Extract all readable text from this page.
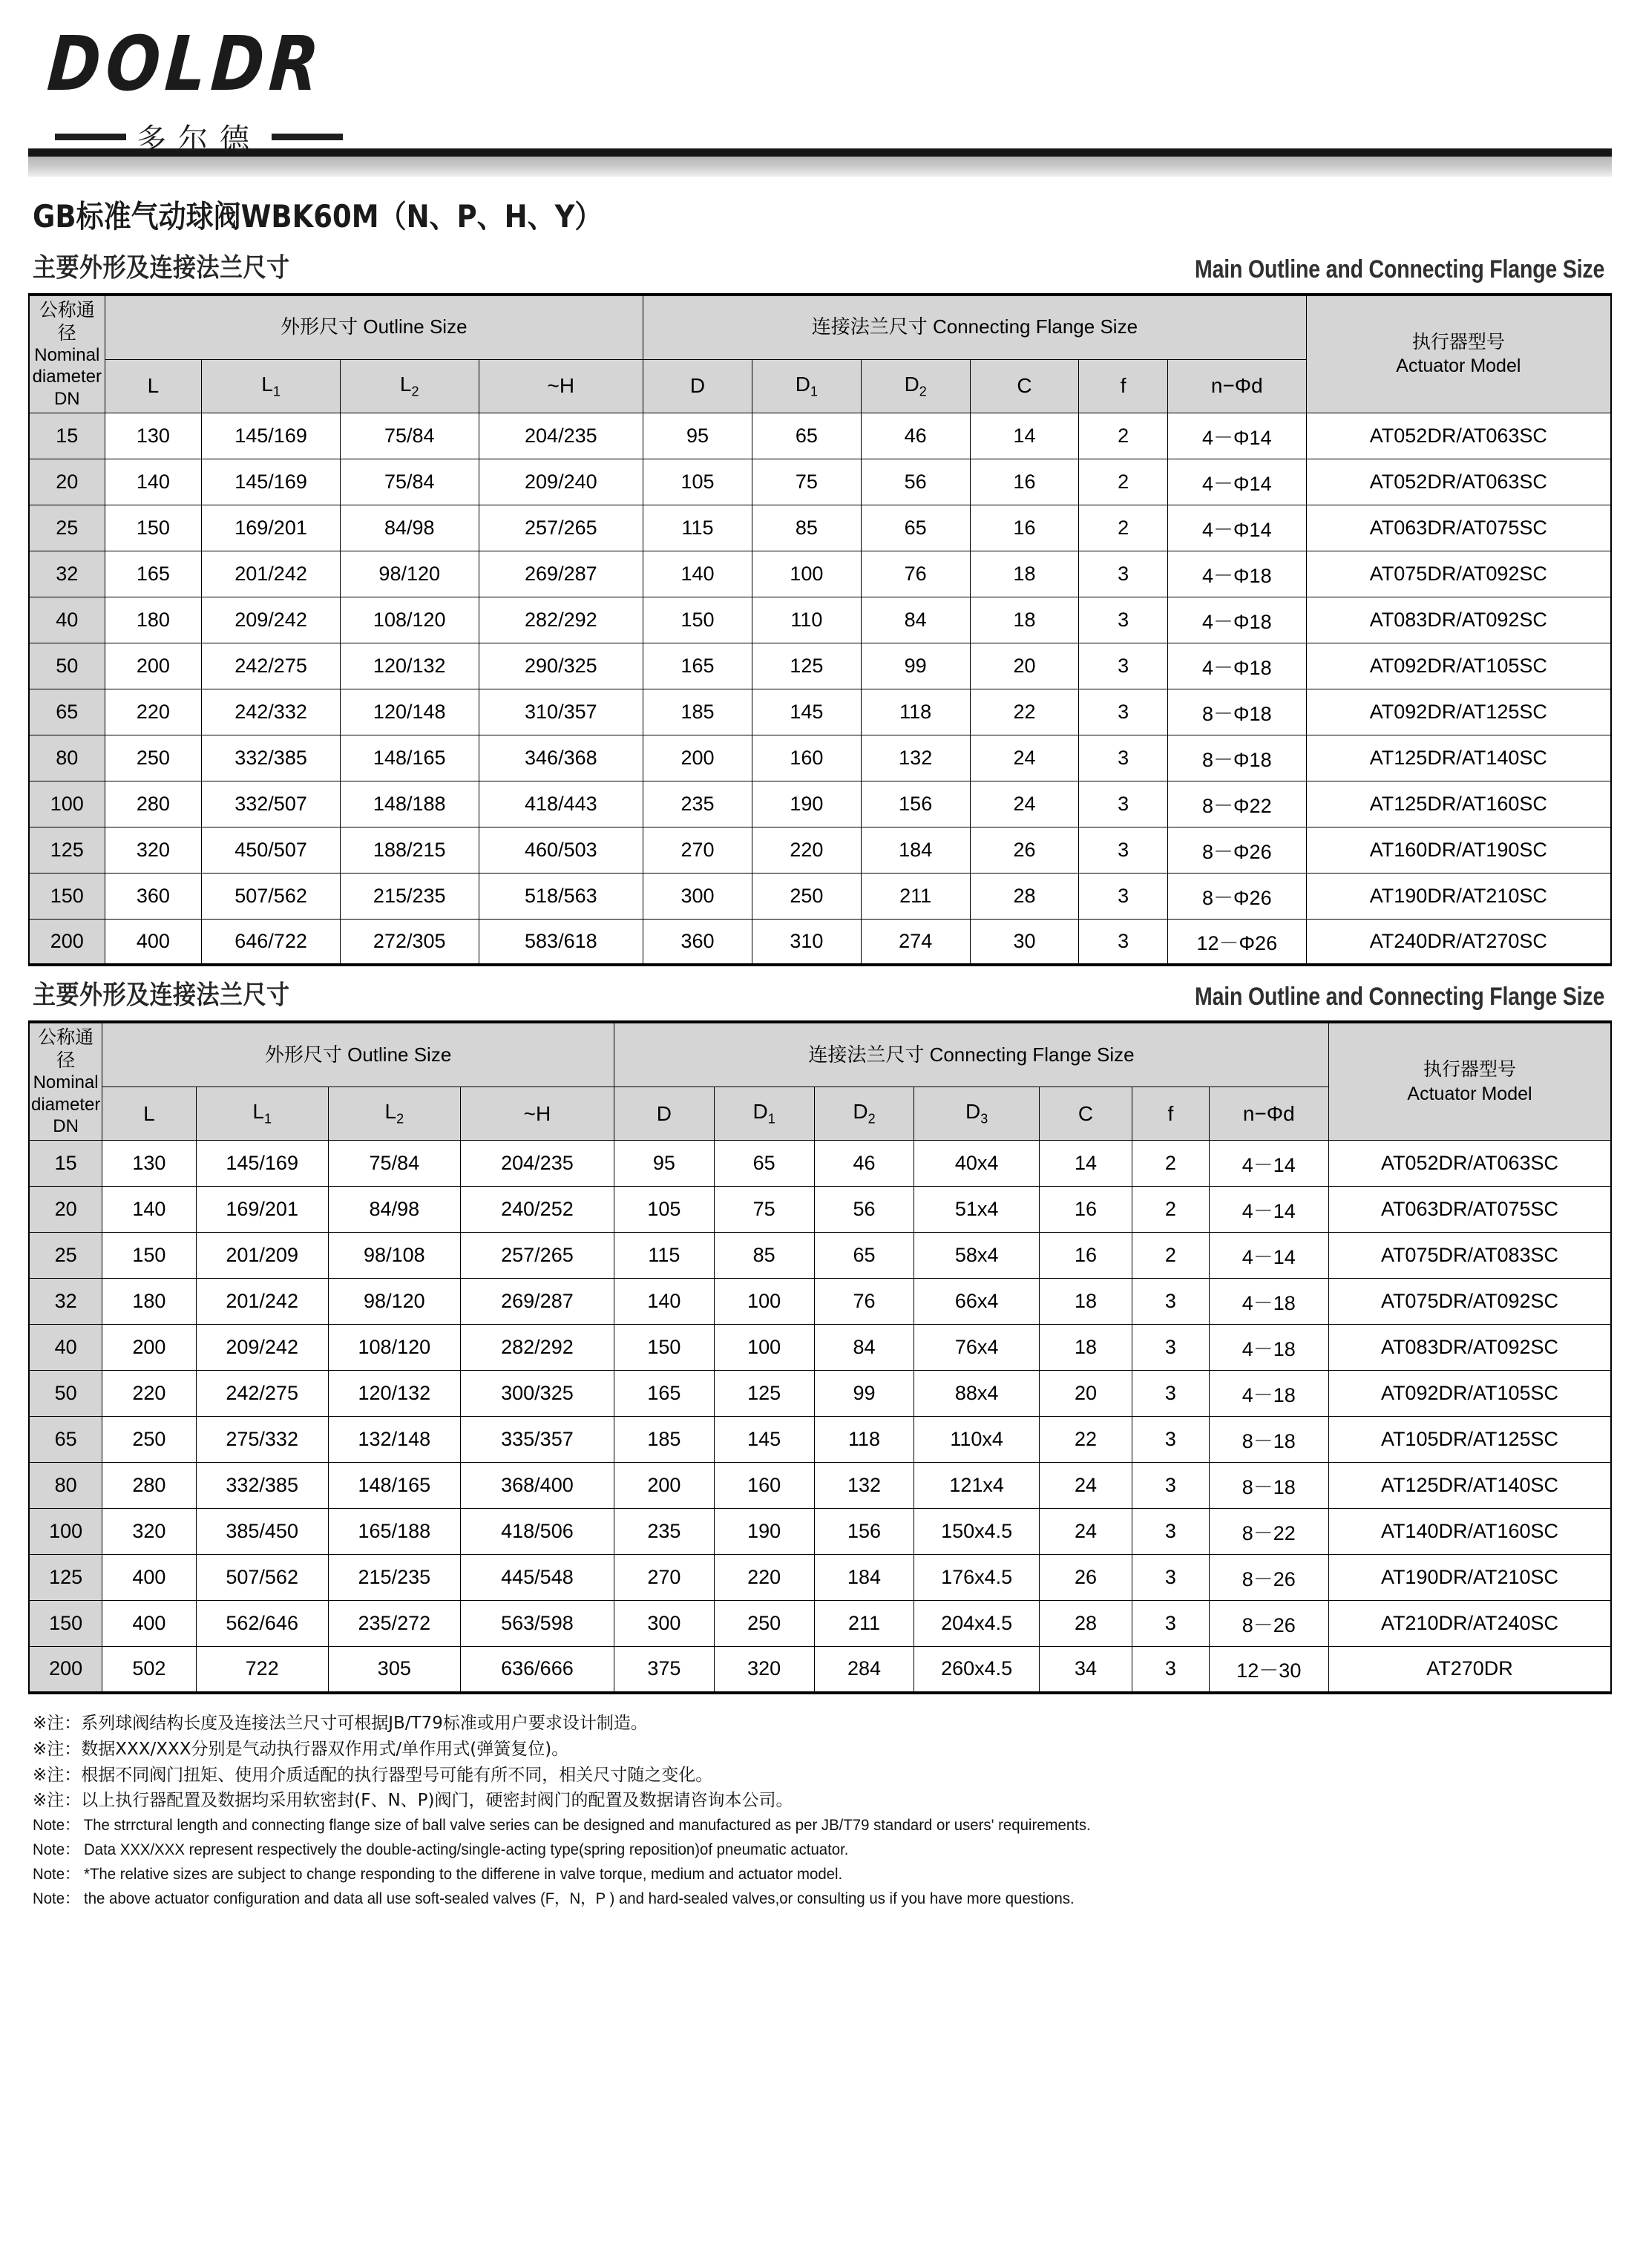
DOLDR
多尔德
GB标准气动球阀WBK60M（N、P、H、Y）
主要外形及连接法兰尺寸	Main Outline and Connecting Flange Size
公称通径
Nominal
diameter
DN
	外形尺寸 Outline Size	连接法兰尺寸 Connecting Flange Size	
执行器型号
Actuator Model

	L	$L_1$	$L_2$	~H	D	$D_1$	$D_2$	C	f	n−Φd	
15	130	145/169	75/84	204/235	95	65	46	14	2	4－Φ14	AT052DR/AT063SC
20	140	145/169	75/84	209/240	105	75	56	16	2	4－Φ14	AT052DR/AT063SC
25	150	169/201	84/98	257/265	115	85	65	16	2	4－Φ14	AT063DR/AT075SC
32	165	201/242	98/120	269/287	140	100	76	18	3	4－Φ18	AT075DR/AT092SC
40	180	209/242	108/120	282/292	150	110	84	18	3	4－Φ18	AT083DR/AT092SC
50	200	242/275	120/132	290/325	165	125	99	20	3	4－Φ18	AT092DR/AT105SC
65	220	242/332	120/148	310/357	185	145	118	22	3	8－Φ18	AT092DR/AT125SC
80	250	332/385	148/165	346/368	200	160	132	24	3	8－Φ18	AT125DR/AT140SC
100	280	332/507	148/188	418/443	235	190	156	24	3	8－Φ22	AT125DR/AT160SC
125	320	450/507	188/215	460/503	270	220	184	26	3	8－Φ26	AT160DR/AT190SC
150	360	507/562	215/235	518/563	300	250	211	28	3	8－Φ26	AT190DR/AT210SC
200	400	646/722	272/305	583/618	360	310	274	30	3	12－Φ26	AT240DR/AT270SC
主要外形及连接法兰尺寸	Main Outline and Connecting Flange Size
公称通径
Nominal
diameter
DN
	外形尺寸 Outline Size	连接法兰尺寸 Connecting Flange Size	
执行器型号
Actuator Model

	L	$L_1$	$L_2$	~H	D	$D_1$	$D_2$	$D_3$	C	f	n−Φd	
15	130	145/169	75/84	204/235	95	65	46	40x4	14	2	4－14	AT052DR/AT063SC
20	140	169/201	84/98	240/252	105	75	56	51x4	16	2	4－14	AT063DR/AT075SC
25	150	201/209	98/108	257/265	115	85	65	58x4	16	2	4－14	AT075DR/AT083SC
32	180	201/242	98/120	269/287	140	100	76	66x4	18	3	4－18	AT075DR/AT092SC
40	200	209/242	108/120	282/292	150	100	84	76x4	18	3	4－18	AT083DR/AT092SC
50	220	242/275	120/132	300/325	165	125	99	88x4	20	3	4－18	AT092DR/AT105SC
65	250	275/332	132/148	335/357	185	145	118	110x4	22	3	8－18	AT105DR/AT125SC
80	280	332/385	148/165	368/400	200	160	132	121x4	24	3	8－18	AT125DR/AT140SC
100	320	385/450	165/188	418/506	235	190	156	150x4.5	24	3	8－22	AT140DR/AT160SC
125	400	507/562	215/235	445/548	270	220	184	176x4.5	26	3	8－26	AT190DR/AT210SC
150	400	562/646	235/272	563/598	300	250	211	204x4.5	28	3	8－26	AT210DR/AT240SC
200	502	722	305	636/666	375	320	284	260x4.5	34	3	12－30	AT270DR
※注：系列球阀结构长度及连接法兰尺寸可根据JB/T79标准或用户要求设计制造。
※注：数据XXX/XXX分别是气动执行器双作用式/单作用式(弹簧复位)。
※注：根据不同阀门扭矩、使用介质适配的执行器型号可能有所不同，相关尺寸随之变化。
※注：以上执行器配置及数据均采用软密封(F、N、P)阀门，硬密封阀门的配置及数据请咨询本公司。
Note： The strrctural length and connecting flange size of ball valve series can be designed and manufactured as per JB/T79 standard or users' requirements.
Note： Data XXX/XXX represent respectively the double-acting/single-acting type(spring reposition)of pneumatic actuator.
Note： *The relative sizes are subject to change responding to the differene in valve torque, medium and actuator model.
Note： the above actuator configuration and data all use soft-sealed valves (F，N，P ) and hard-sealed valves,or consulting us if you have more questions.
